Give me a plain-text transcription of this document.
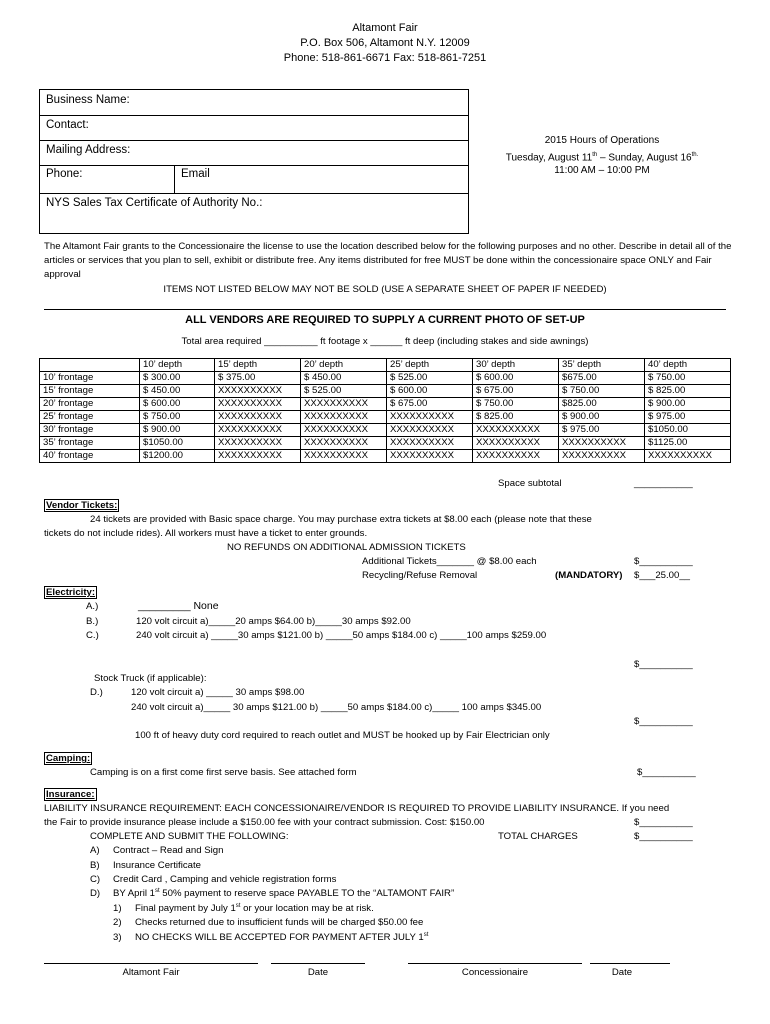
Altamont Fair
P.O. Box 506, Altamont N.Y. 12009
Phone: 518-861-6671 Fax: 518-861-7251
Business Name:
Contact:
Mailing Address:
Phone:	Email
NYS Sales Tax Certificate of Authority No.:
2015 Hours of Operations
Tuesday, August 11th – Sunday, August $16^{th.}$
11:00 AM – 10:00 PM
The Altamont Fair grants to the Concessionaire the license to use the location described below for the following purposes and no other. Describe in detail all of the articles or services that you plan to sell, exhibit or distribute free. Any items distributed for free MUST be done within the concessionaire space ONLY and Fair approval
ITEMS NOT LISTED BELOW MAY NOT BE SOLD (USE A SEPARATE SHEET OF PAPER IF NEEDED)
ALL VENDORS ARE REQUIRED TO SUPPLY A CURRENT PHOTO OF SET-UP
Total area required __________ ft footage x ______ ft deep (including stakes and side awnings)
	10’ depth	15’ depth	20’ depth	25’ depth	30’ depth	35’ depth	40’ depth
10’ frontage	$ 300.00	$ 375.00	$ 450.00	$ 525.00	$ 600.00	$675.00	$ 750.00
15’ frontage	$ 450.00	XXXXXXXXXX	$ 525.00	$ 600.00	$ 675.00	$ 750.00	$ 825.00
20’ frontage	$ 600.00	XXXXXXXXXX	XXXXXXXXXX	$ 675.00	$ 750.00	$825.00	$ 900.00
25’ frontage	$ 750.00	XXXXXXXXXX	XXXXXXXXXX	XXXXXXXXXX	$ 825.00	$ 900.00	$ 975.00
30’ frontage	$ 900.00	XXXXXXXXXX	XXXXXXXXXX	XXXXXXXXXX	XXXXXXXXXX	$ 975.00	$1050.00
35’ frontage	$1050.00	XXXXXXXXXX	XXXXXXXXXX	XXXXXXXXXX	XXXXXXXXXX	XXXXXXXXXX	$1125.00
40’ frontage	$1200.00	XXXXXXXXXX	XXXXXXXXXX	XXXXXXXXXX	XXXXXXXXXX	XXXXXXXXXX	XXXXXXXXXX
Space subtotal	___________
Vendor Tickets:
24 tickets are provided with Basic space charge. You may purchase extra tickets at $8.00 each (please note that these
tickets do not include rides). All workers must have a ticket to enter grounds.
NO REFUNDS ON ADDITIONAL ADMISSION TICKETS
Additional Tickets_______ @ $8.00 each	$__________
Recycling/Refuse Removal	(MANDATORY) $___25.00__
Electricity:
A.)	_________ None
B.)	120 volt circuit a)_____20 amps $64.00 b)_____30 amps $92.00
C.)	240 volt circuit a) _____30 amps $121.00 b) _____50 amps $184.00 c) _____100 amps $259.00
$__________
Stock Truck (if applicable):
D.)	120 volt circuit a) _____ 30 amps $98.00
240 volt circuit a)_____ 30 amps $121.00 b) _____50 amps $184.00 c)_____ 100 amps $345.00
$__________
100 ft of heavy duty cord required to reach outlet and MUST be hooked up by Fair Electrician only
Camping:
Camping is on a first come first serve basis. See attached form	$__________
Insurance:
LIABILITY INSURANCE REQUIREMENT: EACH CONCESSIONAIRE/VENDOR IS REQUIRED TO PROVIDE LIABILITY INSURANCE. If you need
the Fair to provide insurance please include a $150.00 fee with your contract submission. Cost: $150.00	$__________
COMPLETE AND SUBMIT THE FOLLOWING:	TOTAL CHARGES	$__________
A) Contract – Read and Sign
B) Insurance Certificate
C) Credit Card , Camping and vehicle registration forms
D) BY April 1st 50% payment to reserve space PAYABLE TO the “ALTAMONT FAIR”
1) Final payment by July 1st or your location may be at risk.
2) Checks returned due to insufficient funds will be charged $50.00 fee
3) NO CHECKS WILL BE ACCEPTED FOR PAYMENT AFTER JULY 1st
Altamont Fair	Date	Concessionaire	Date
